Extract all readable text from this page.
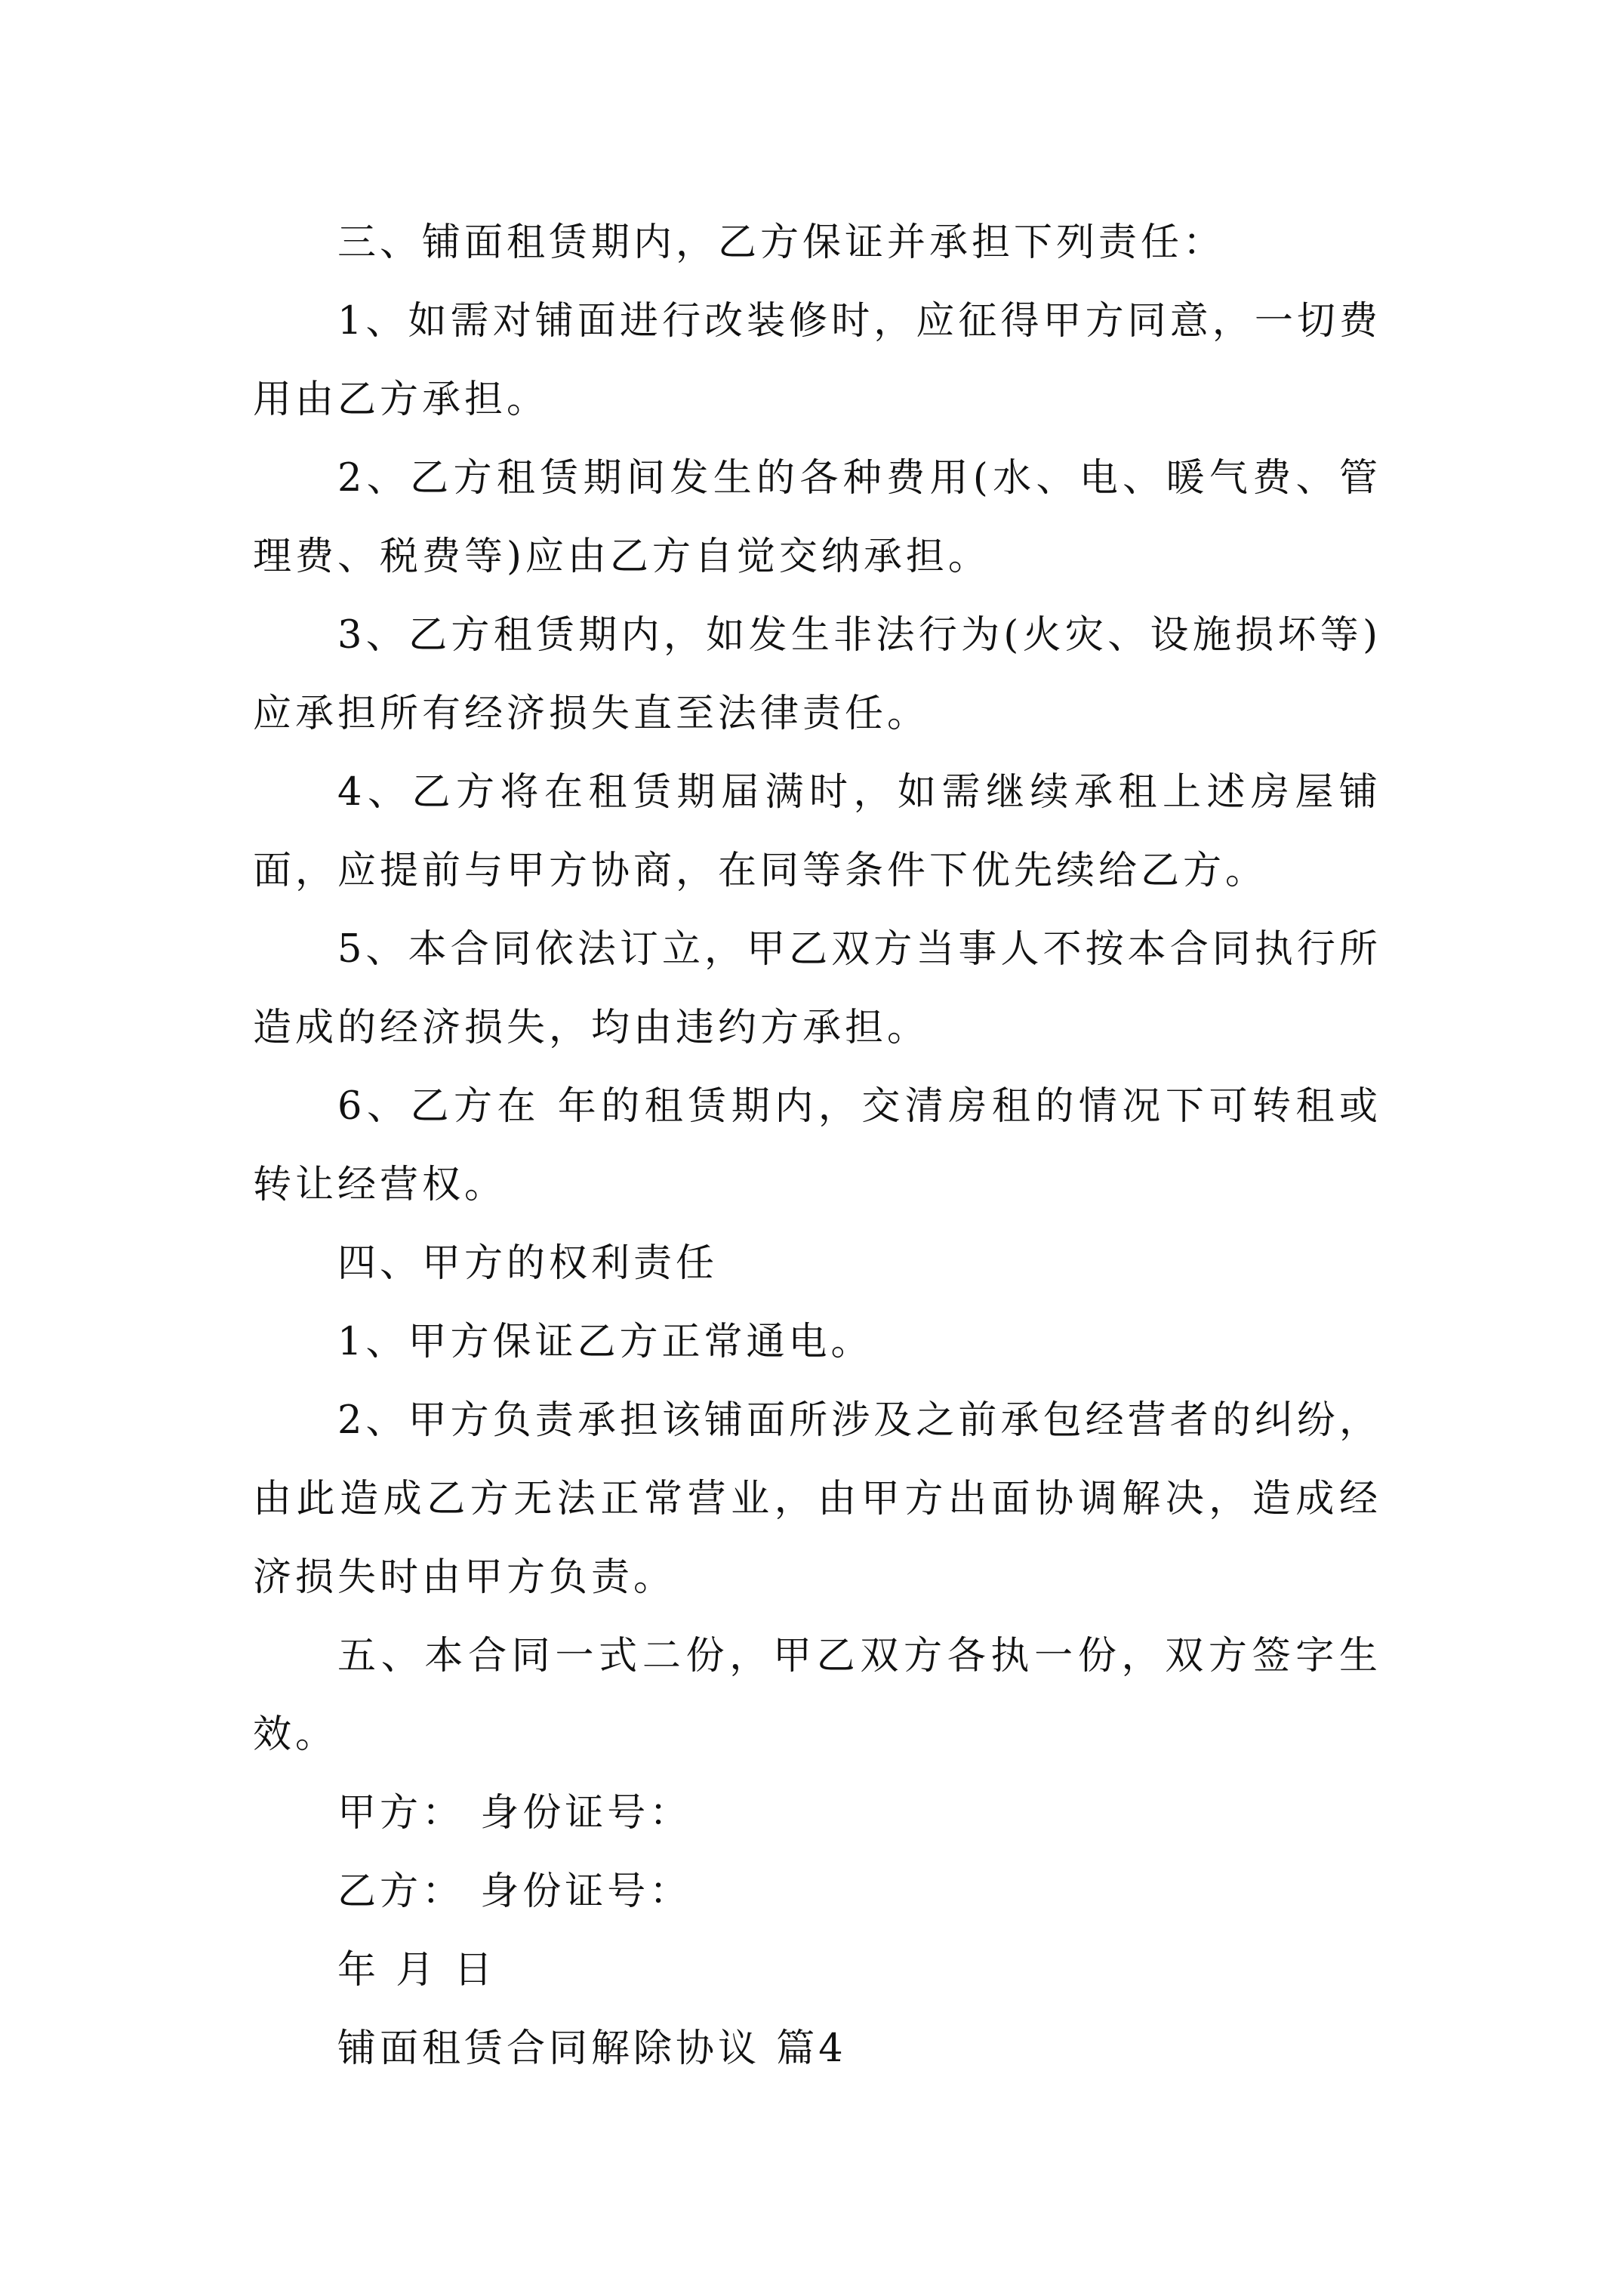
三、铺面租赁期内，乙方保证并承担下列责任：

1、如需对铺面进行改装修时，应征得甲方同意，一切费用由乙方承担。

2、乙方租赁期间发生的各种费用(水、电、暖气费、管理费、税费等)应由乙方自觉交纳承担。

3、乙方租赁期内，如发生非法行为(火灾、设施损坏等)应承担所有经济损失直至法律责任。

4、乙方将在租赁期届满时，如需继续承租上述房屋铺面，应提前与甲方协商，在同等条件下优先续给乙方。

5、本合同依法订立，甲乙双方当事人不按本合同执行所造成的经济损失，均由违约方承担。

6、乙方在 年的租赁期内，交清房租的情况下可转租或转让经营权。

四、甲方的权利责任

1、甲方保证乙方正常通电。

2、甲方负责承担该铺面所涉及之前承包经营者的纠纷，由此造成乙方无法正常营业，由甲方出面协调解决，造成经济损失时由甲方负责。

五、本合同一式二份，甲乙双方各执一份，双方签字生效。

甲方： 身份证号：

乙方： 身份证号：

年 月 日

铺面租赁合同解除协议 篇4
